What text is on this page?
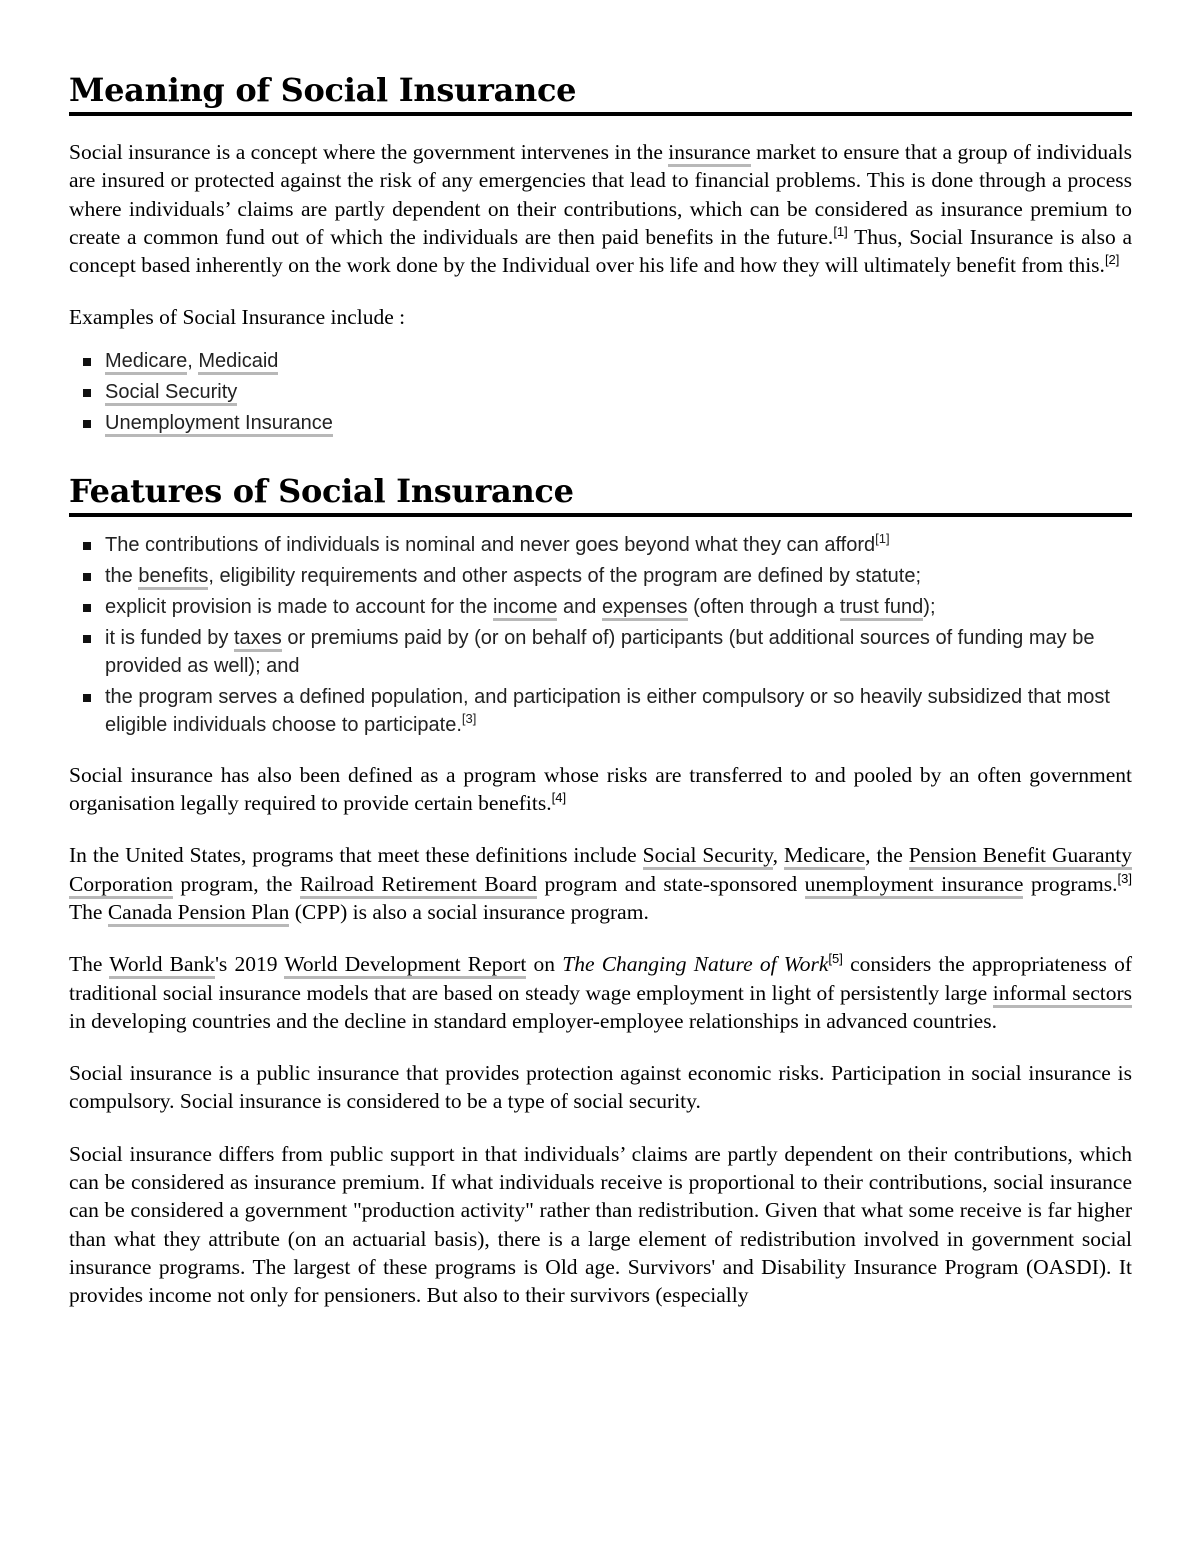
Meaning of Social Insurance

Social insurance is a concept where the government intervenes in the insurance market to ensure that a group of individuals are insured or protected against the risk of any emergencies that lead to financial problems. This is done through a process where individuals’ claims are partly dependent on their contributions, which can be considered as insurance premium to create a common fund out of which the individuals are then paid benefits in the future.[1] Thus, Social Insurance is also a concept based inherently on the work done by the Individual over his life and how they will ultimately benefit from this.[2]

Examples of Social Insurance include :

Medicare, Medicaid
Social Security
Unemployment Insurance
Features of Social Insurance
The contributions of individuals is nominal and never goes beyond what they can afford[1]
the benefits, eligibility requirements and other aspects of the program are defined by statute;
explicit provision is made to account for the income and expenses (often through a trust fund);
it is funded by taxes or premiums paid by (or on behalf of) participants (but additional sources of funding may be provided as well); and
the program serves a defined population, and participation is either compulsory or so heavily subsidized that most eligible individuals choose to participate.[3]

Social insurance has also been defined as a program whose risks are transferred to and pooled by an often government organisation legally required to provide certain benefits.[4]

In the United States, programs that meet these definitions include Social Security, Medicare, the Pension Benefit Guaranty Corporation program, the Railroad Retirement Board program and state-sponsored unemployment insurance programs.[3] The Canada Pension Plan (CPP) is also a social insurance program.

The World Bank's 2019 World Development Report on The Changing Nature of Work[5] considers the appropriateness of traditional social insurance models that are based on steady wage employment in light of persistently large informal sectors in developing countries and the decline in standard employer-employee relationships in advanced countries.

Social insurance is a public insurance that provides protection against economic risks. Participation in social insurance is compulsory. Social insurance is considered to be a type of social security.

Social insurance differs from public support in that individuals’ claims are partly dependent on their contributions, which can be considered as insurance premium. If what individuals receive is proportional to their contributions, social insurance can be considered a government "production activity" rather than redistribution. Given that what some receive is far higher than what they attribute (on an actuarial basis), there is a large element of redistribution involved in government social insurance programs. The largest of these programs is Old age. Survivors' and Disability Insurance Program (OASDI). It provides income not only for pensioners. But also to their survivors (especially
